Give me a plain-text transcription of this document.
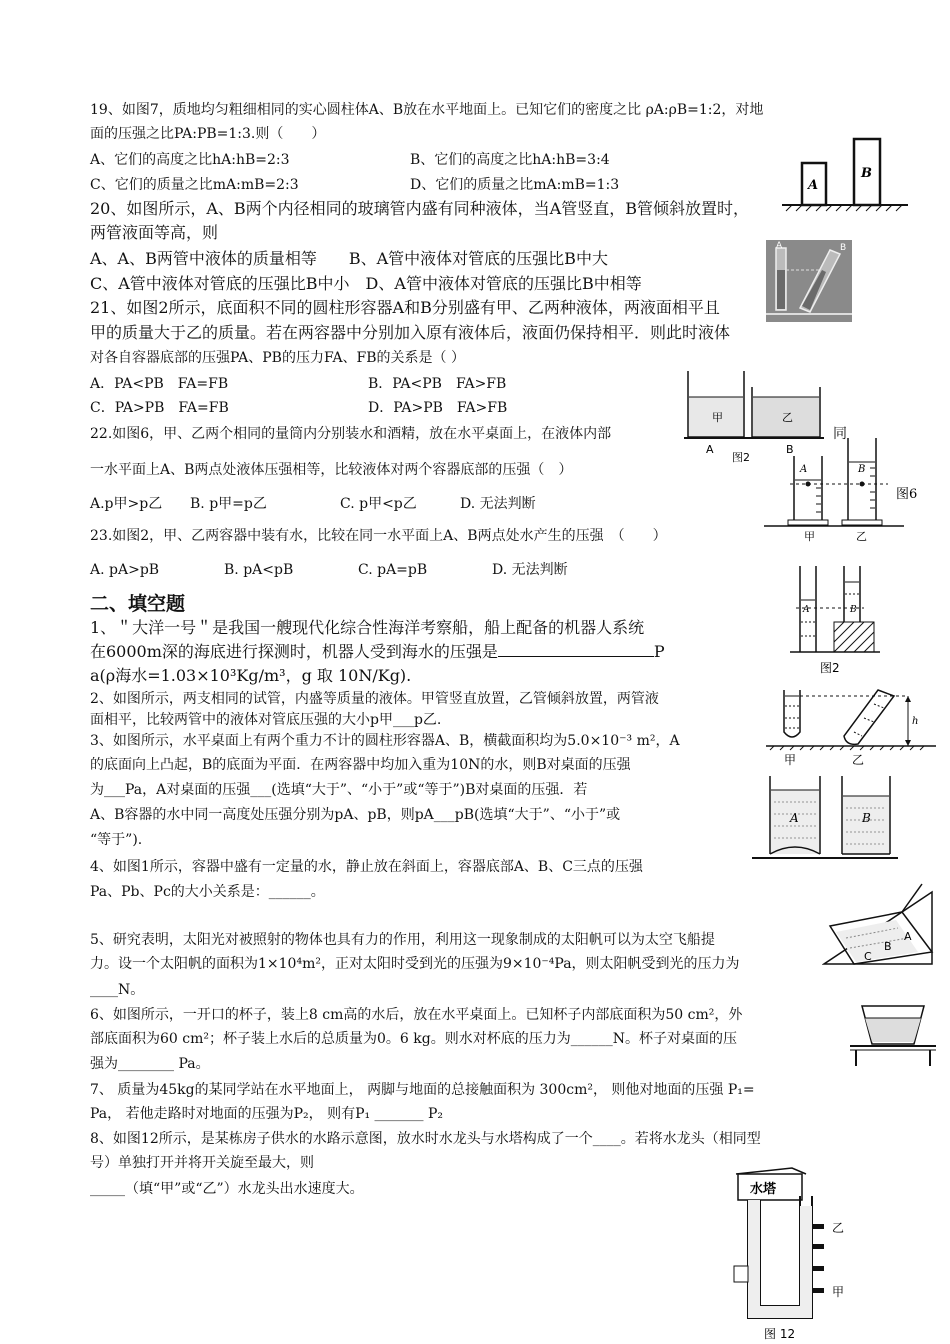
19、如图7，质地均匀粗细相同的实心圆柱体A、B放在水平地面上。已知它们的密度之比 ρA:ρB=1:2，对地
面的压强之比PA:PB=1:3.则（　　）
A、它们的高度之比hA:hB=2:3	B、它们的高度之比hA:hB=3:4
C、它们的质量之比mA:mB=2:3	D、它们的质量之比mA:mB=1:3	A
B
20、如图所示，A、B两个内径相同的玻璃管内盛有同种液体，当A管竖直，B管倾斜放置时，
两管液面等高，则
A、A、B两管中液体的质量相等　　B、A管中液体对管底的压强比B中大
C、A管中液体对管底的压强比B中小　D、A管中液体对管底的压强比B中相等
A	B
21、如图2所示，底面积不同的圆柱形容器A和B分别盛有甲、乙两种液体，两液面相平且
甲的质量大于乙的质量。若在两容器中分别加入原有液体后，液面仍保持相平．则此时液体
对各自容器底部的压强PA、PB的压力FA、FB的关系是（ ）
A．PA<PB　FA=FB	B．PA<PB　FA>FB
C．PA>PB　FA=FB	D．PA>PB　FA>FB
甲	乙
A	B
图2
22.如图6，甲、乙两个相同的量筒内分别装水和酒精，放在水平桌面上，在液体内部	同
一水平面上A、B两点处液体压强相等，比较液体对两个容器底部的压强（　）
A.p甲>p乙 B. p甲=p乙	C. p甲<p乙	D. 无法判断
A	B
甲	乙
图6
23.如图2，甲、乙两容器中装有水，比较在同一水平面上A、B两点处水产生的压强　（　　）
A. pA>pB	B. pA<pB	C. pA=pB	D. 无法判断
A	B
图2
二、填空题
1、＂大洋一号＂是我国一艘现代化综合性海洋考察船，船上配备的机器人系统
在6000m深的海底进行探测时，机器人受到海水的压强是	P
a(ρ海水=1.03×10³Kg/m³，g 取 10N/Kg).
2、如图所示，两支相同的试管，内盛等质量的液体。甲管竖直放置，乙管倾斜放置，两管液
面相平，比较两管中的液体对管底压强的大小p甲___p乙.	h
甲	乙
3、如图所示，水平桌面上有两个重力不计的圆柱形容器A、B，横截面积均为5.0×10⁻³ m²，A
的底面向上凸起，B的底面为平面．在两容器中均加入重为10N的水，则B对桌面的压强
为___Pa，A对桌面的压强___(选填“大于”、“小于”或“等于”)B对桌面的压强．若
A、B容器的水中同一高度处压强分别为pA、pB，则pA___pB(选填“大于”、“小于”或
“等于”).
A	B
4、如图1所示，容器中盛有一定量的水，静止放在斜面上，容器底部A、B、C三点的压强
Pa、Pb、Pc的大小关系是：______。
A
B
C
5、研究表明，太阳光对被照射的物体也具有力的作用，利用这一现象制成的太阳帆可以为太空飞船提
力。设一个太阳帆的面积为1×10⁴m²，正对太阳时受到光的压强为9×10⁻⁴Pa，则太阳帆受到光的压力为
____N。
6、如图所示，一开口的杯子，装上8 cm高的水后，放在水平桌面上。已知杯子内部底面积为50 cm²，外
部底面积为60 cm²；杯子装上水后的总质量为0。6 kg。则水对杯底的压力为______N。杯子对桌面的压
强为________ Pa。
7、 质量为45kg的某同学站在水平地面上， 两脚与地面的总接触面积为 300cm²， 则他对地面的压强 P₁=
Pa， 若他走路时对地面的压强为P₂， 则有P₁ _______ P₂
8、如图12所示，是某栋房子供水的水路示意图，放水时水龙头与水塔构成了一个____。若将水龙头（相同型
号）单独打开并将开关旋至最大，则
_____（填“甲”或“乙”）水龙头出水速度大。	水塔
乙
甲
图 12
